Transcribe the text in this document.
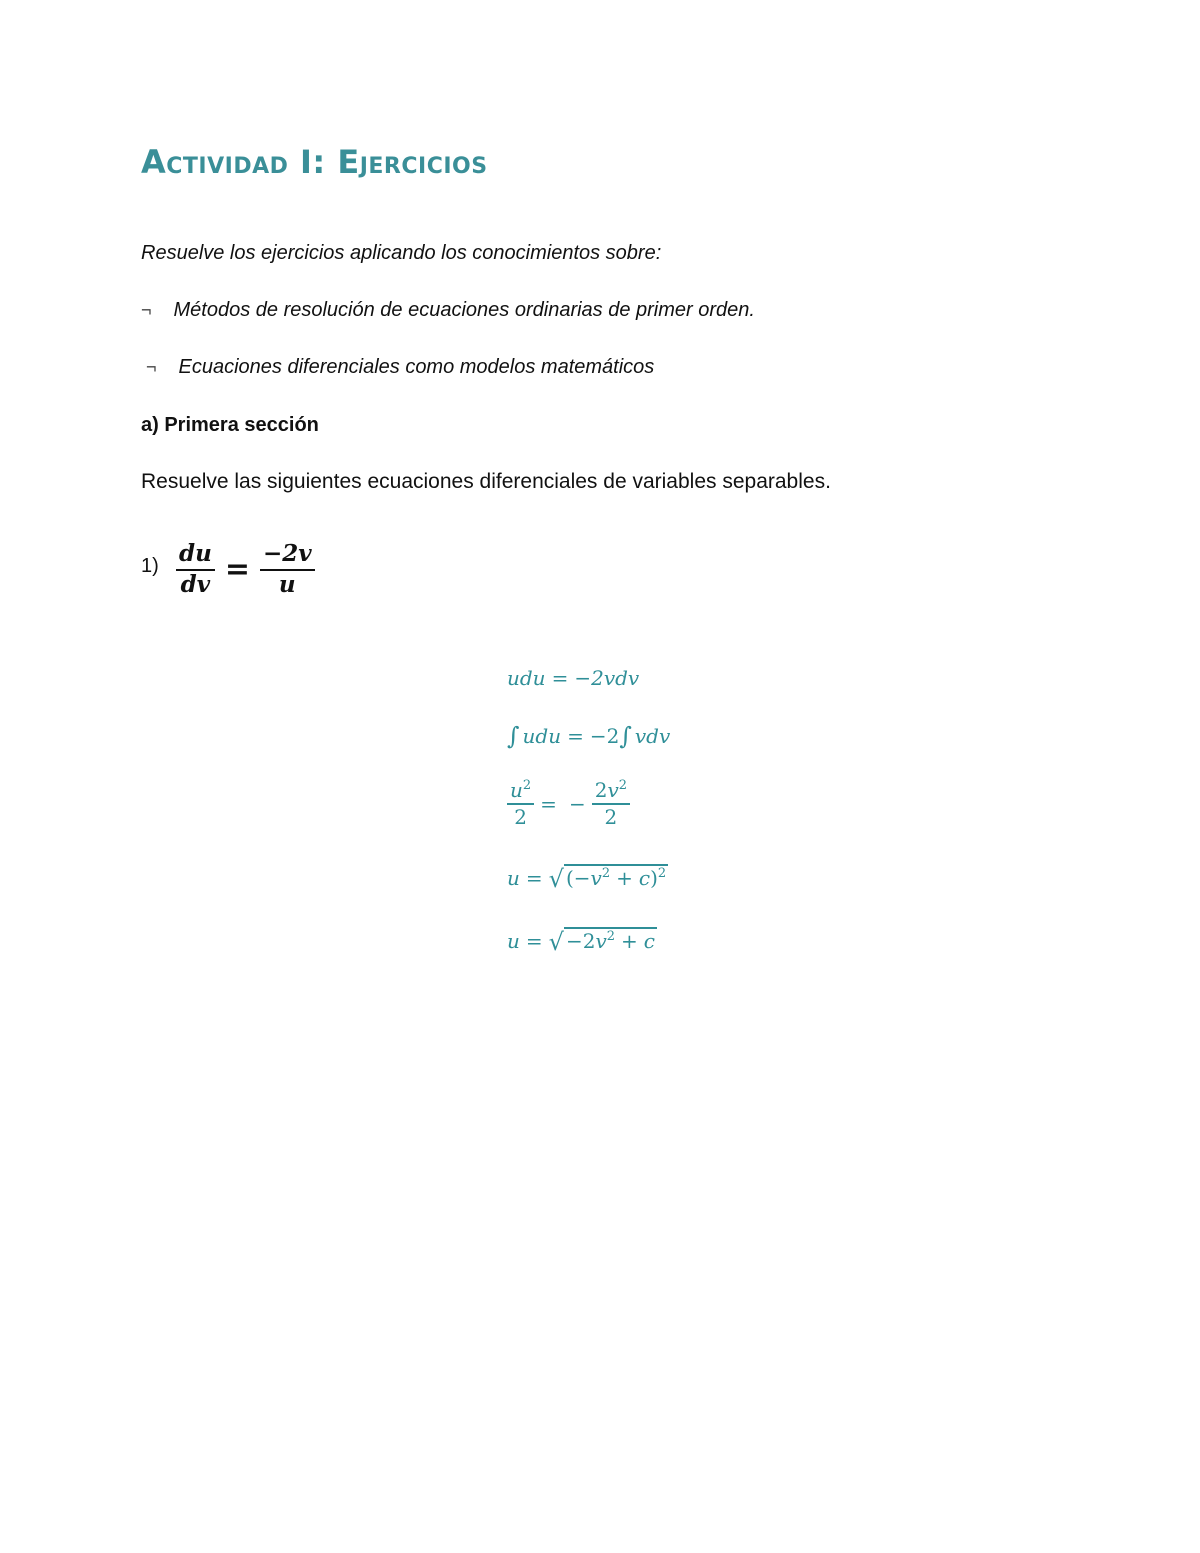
ACTIVIDAD I: EJERCICIOS
Resuelve los ejercicios aplicando los conocimientos sobre:
¬ Métodos de resolución de ecuaciones ordinarias de primer orden.
¬ Ecuaciones diferenciales como modelos matemáticos
a) Primera sección
Resuelve las siguientes ecuaciones diferenciales de variables separables.
$1) \frac{du}{dv} = \frac{-2v}{u}$
udu = −2vdv
∫ udu = −2 ∫ vdv
$\frac{u^2}{2}$ = − $\frac{2v^2}{2}$
u = √ $(-v^2 + c)^2$
u = √ $-2v^2 + c$
